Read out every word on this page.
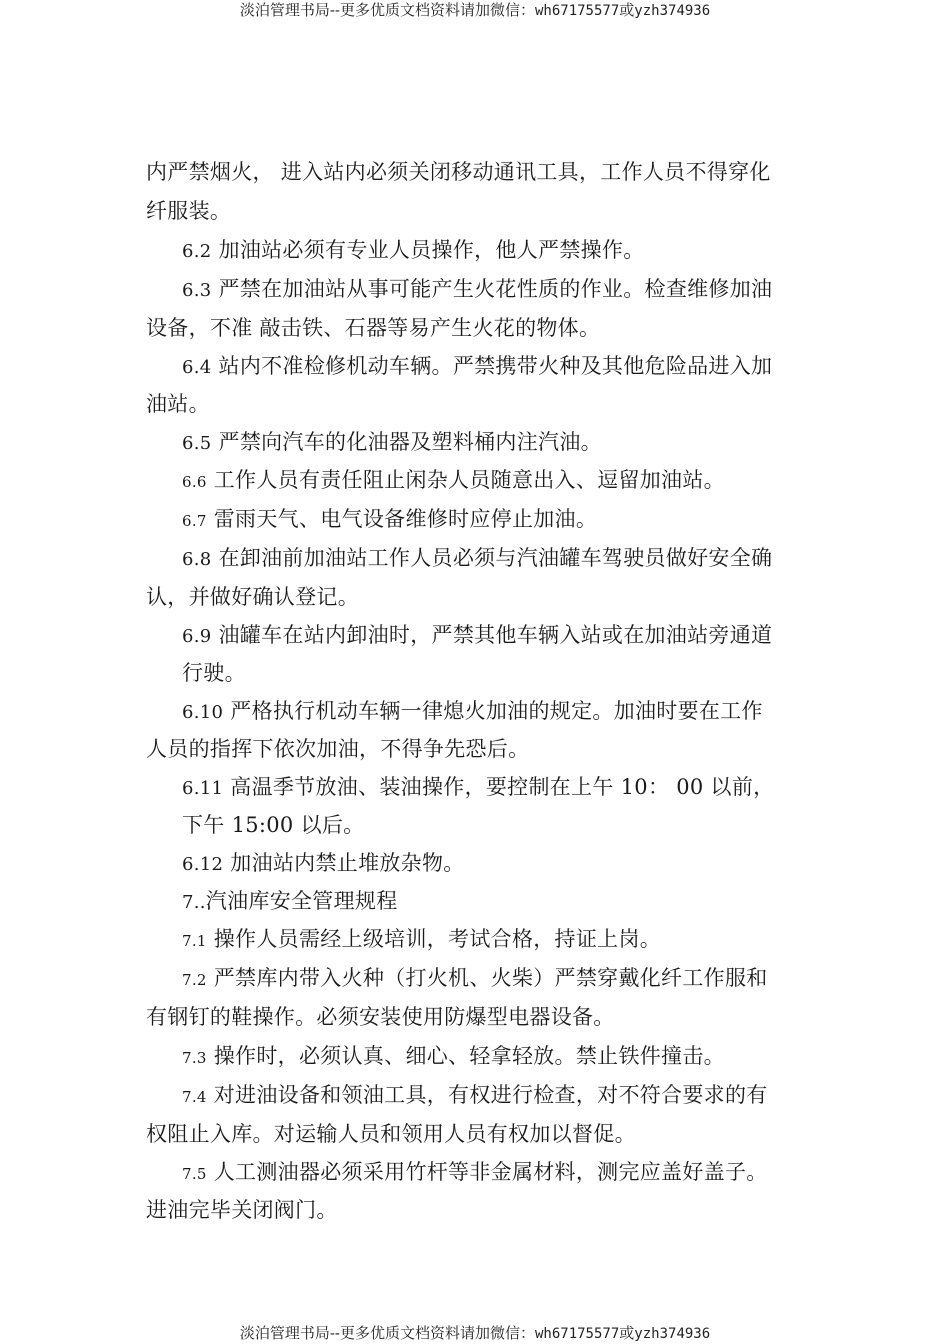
淡泊管理书局--更多优质文档资料请加微信：wh67175577或yzh374936
内严禁烟火， 进入站内必须关闭移动通讯工具，工作人员不得穿化
纤服装。
6.2 加油站必须有专业人员操作，他人严禁操作。
6.3 严禁在加油站从事可能产生火花性质的作业。检查维修加油
设备，不准 敲击铁、石器等易产生火花的物体。
6.4 站内不准检修机动车辆。严禁携带火种及其他危险品进入加
油站。
6.5 严禁向汽车的化油器及塑料桶内注汽油。
6.6 工作人员有责任阻止闲杂人员随意出入、逗留加油站。
6.7 雷雨天气、电气设备维修时应停止加油。
6.8 在卸油前加油站工作人员必须与汽油罐车驾驶员做好安全确
认，并做好确认登记。
6.9 油罐车在站内卸油时，严禁其他车辆入站或在加油站旁通道
行驶。
6.10 严格执行机动车辆一律熄火加油的规定。加油时要在工作
人员的指挥下依次加油，不得争先恐后。
6.11 高温季节放油、装油操作，要控制在上午 10： 00 以前，
下午 15:00 以后。
6.12 加油站内禁止堆放杂物。
7..汽油库安全管理规程
7.1 操作人员需经上级培训，考试合格，持证上岗。
7.2 严禁库内带入火种（打火机、火柴）严禁穿戴化纤工作服和
有钢钉的鞋操作。必须安装使用防爆型电器设备。
7.3 操作时，必须认真、细心、轻拿轻放。禁止铁件撞击。
7.4 对进油设备和领油工具，有权进行检查，对不符合要求的有
权阻止入库。对运输人员和领用人员有权加以督促。
7.5 人工测油器必须采用竹杆等非金属材料，测完应盖好盖子。
进油完毕关闭阀门。
淡泊管理书局--更多优质文档资料请加微信：wh67175577或yzh374936
